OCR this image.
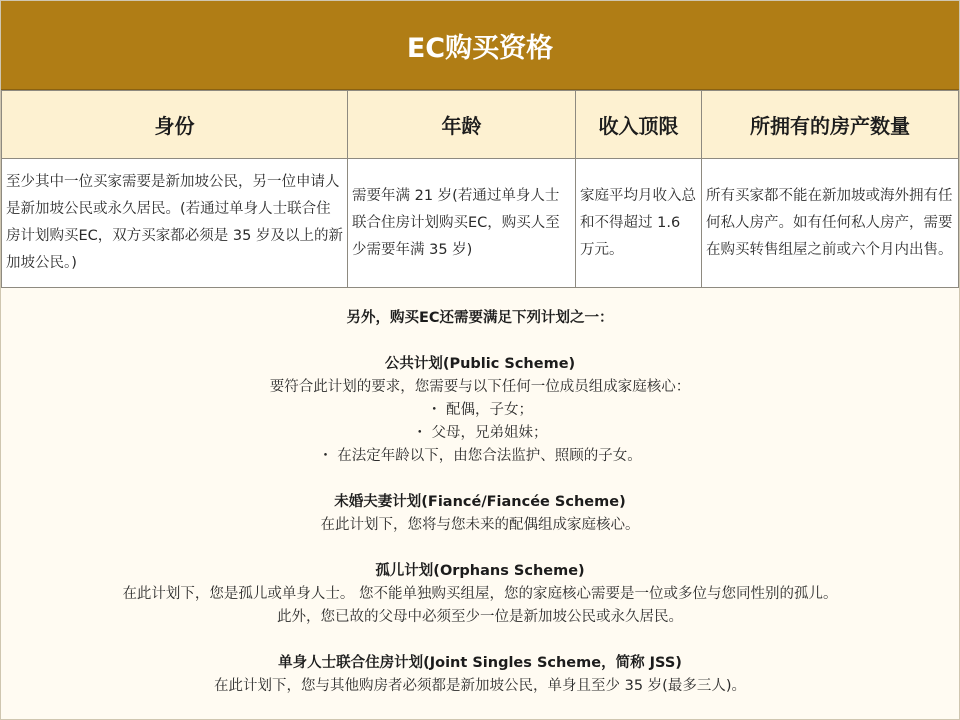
EC购买资格
身份	年龄	收入顶限	所拥有的房产数量
至少其中一位买家需要是新加坡公民，另一位申请人是新加坡公民或永久居民。(若通过单身人士联合住房计划购买EC，双方买家都必须是 35 岁及以上的新加坡公民。)	需要年满 21 岁(若通过单身人士联合住房计划购买EC，购买人至少需要年满 35 岁)	家庭平均月收入总和不得超过 1.6 万元。	所有买家都不能在新加坡或海外拥有任何私人房产。如有任何私人房产，需要在购买转售组屋之前或六个月内出售。
另外，购买EC还需要满足下列计划之一：
公共计划(Public Scheme)
要符合此计划的要求，您需要与以下任何一位成员组成家庭核心：
・ 配偶，子女；
・ 父母，兄弟姐妹；
・ 在法定年龄以下，由您合法监护、照顾的子女。
未婚夫妻计划(Fiancé/Fiancée Scheme)
在此计划下，您将与您未来的配偶组成家庭核心。
孤儿计划(Orphans Scheme)
在此计划下，您是孤儿或单身人士。 您不能单独购买组屋，您的家庭核心需要是一位或多位与您同性别的孤儿。
此外，您已故的父母中必须至少一位是新加坡公民或永久居民。
单身人士联合住房计划(Joint Singles Scheme，简称 JSS)
在此计划下，您与其他购房者必须都是新加坡公民，单身且至少 35 岁(最多三人)。
